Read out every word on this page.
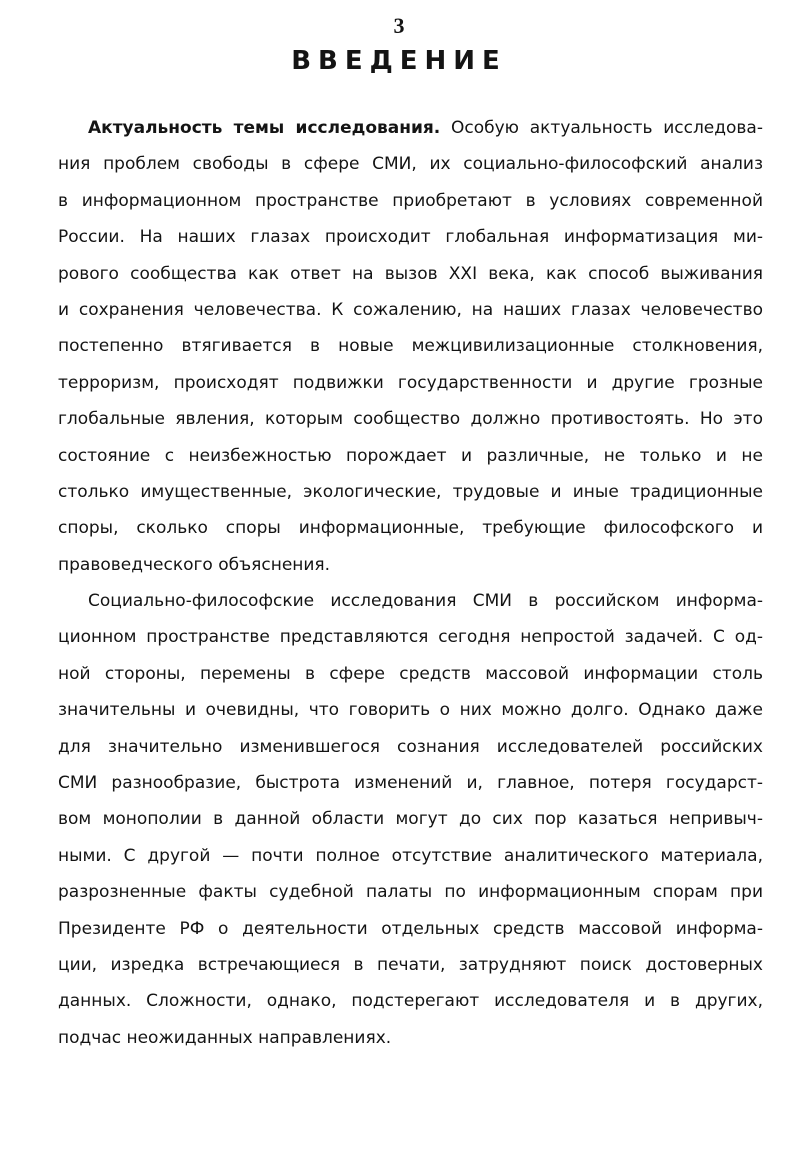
3
ВВЕДЕНИЕ
Актуальность темы исследования. Особую актуальность исследова-
ния проблем свободы в сфере СМИ, их социально-философский анализ
в информационном пространстве приобретают в условиях современной
России. На наших глазах происходит глобальная информатизация ми-
рового сообщества как ответ на вызов XXI века, как способ выживания
и сохранения человечества. К сожалению, на наших глазах человечество
постепенно втягивается в новые межцивилизационные столкновения,
терроризм, происходят подвижки государственности и другие грозные
глобальные явления, которым сообщество должно противостоять. Но это
состояние с неизбежностью порождает и различные, не только и не
столько имущественные, экологические, трудовые и иные традиционные
споры, сколько споры информационные, требующие философского и
правоведческого объяснения.
Социально-философские исследования СМИ в российском информа-
ционном пространстве представляются сегодня непростой задачей. С од-
ной стороны, перемены в сфере средств массовой информации столь
значительны и очевидны, что говорить о них можно долго. Однако даже
для значительно изменившегося сознания исследователей российских
СМИ разнообразие, быстрота изменений и, главное, потеря государст-
вом монополии в данной области могут до сих пор казаться непривыч-
ными. С другой — почти полное отсутствие аналитического материала,
разрозненные факты судебной палаты по информационным спорам при
Президенте РФ о деятельности отдельных средств массовой информа-
ции, изредка встречающиеся в печати, затрудняют поиск достоверных
данных. Сложности, однако, подстерегают исследователя и в других,
подчас неожиданных направлениях.
